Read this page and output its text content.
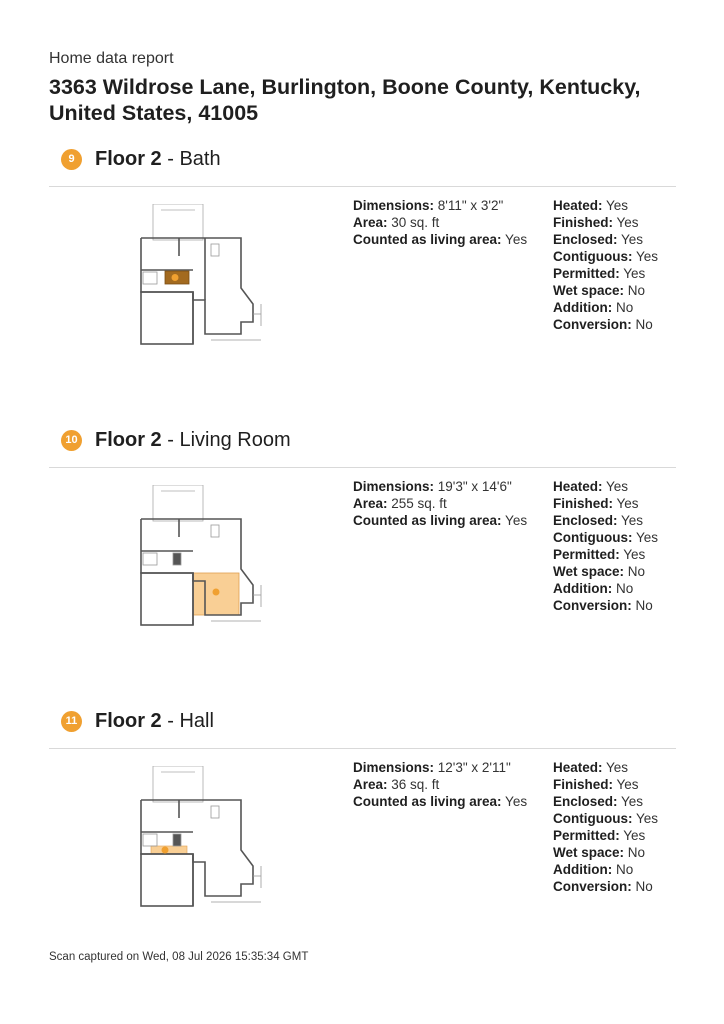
Home data report
3363 Wildrose Lane, Burlington, Boone County, Kentucky, United States, 41005
9	Floor 2 - Bath
Dimensions: 8'11" x 3'2"
Area: 30 sq. ft
Counted as living area: Yes
Heated: Yes
Finished: Yes
Enclosed: Yes
Contiguous: Yes
Permitted: Yes
Wet space: No
Addition: No
Conversion: No
10 Floor 2 - Living Room
Dimensions: 19'3" x 14'6"
Area: 255 sq. ft
Counted as living area: Yes
Heated: Yes
Finished: Yes
Enclosed: Yes
Contiguous: Yes
Permitted: Yes
Wet space: No
Addition: No
Conversion: No
11 Floor 2 - Hall
Dimensions: 12'3" x 2'11"
Area: 36 sq. ft
Counted as living area: Yes
Heated: Yes
Finished: Yes
Enclosed: Yes
Contiguous: Yes
Permitted: Yes
Wet space: No
Addition: No
Conversion: No
Scan captured on Wed, 08 Jul 2026 15:35:34 GMT
